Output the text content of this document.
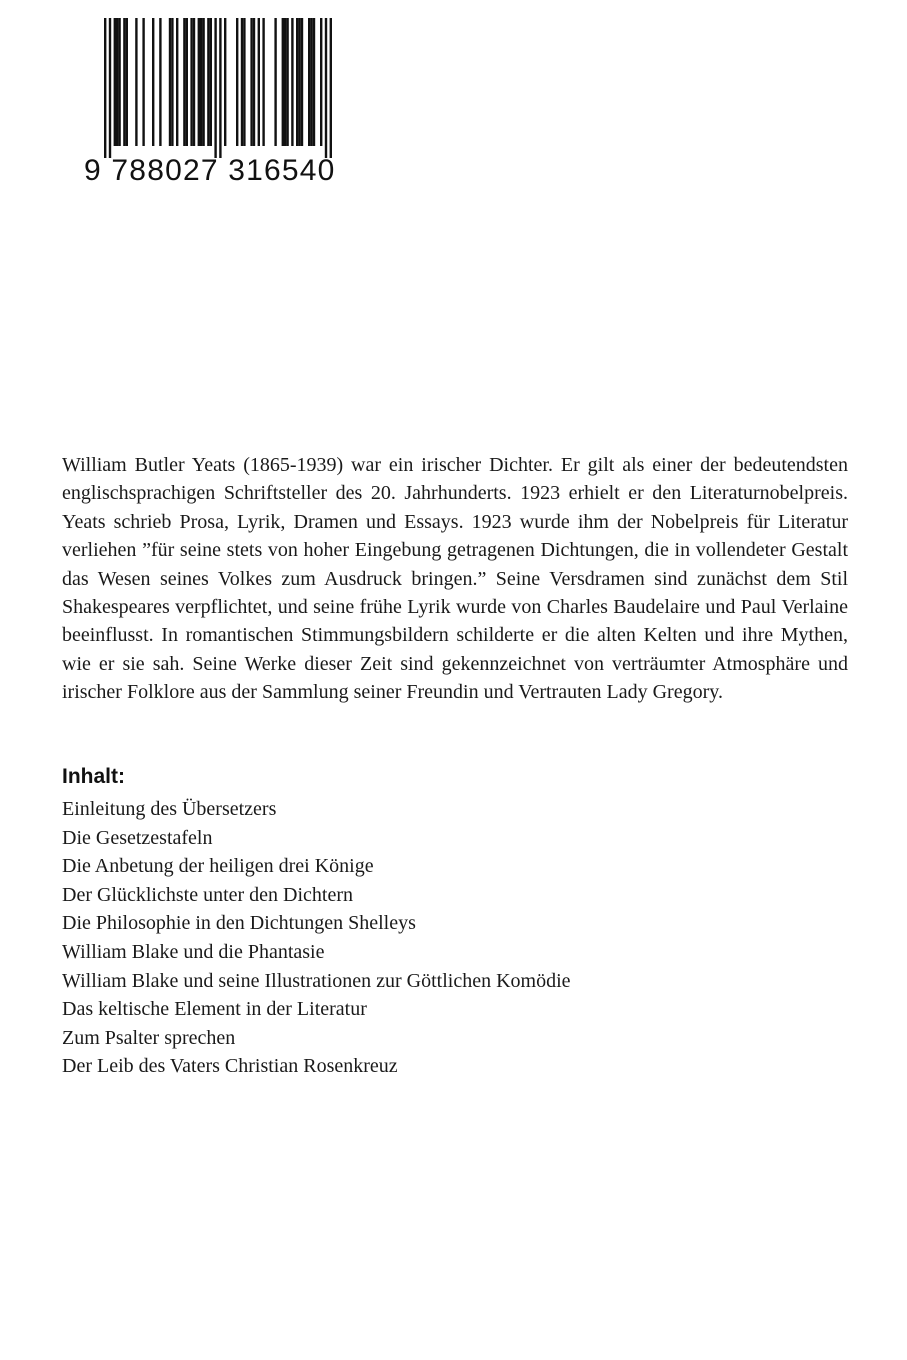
9 788027 316540

William Butler Yeats (1865-1939) war ein irischer Dichter. Er gilt als einer der bedeutendsten englischsprachigen Schriftsteller des 20. Jahrhunderts. 1923 erhielt er den Literaturnobelpreis. Yeats schrieb Prosa, Lyrik, Dramen und Essays. 1923 wurde ihm der Nobelpreis für Literatur verliehen ”für seine stets von hoher Eingebung getragenen Dichtungen, die in vollendeter Gestalt das Wesen seines Volkes zum Ausdruck bringen.” Seine Versdramen sind zunächst dem Stil Shakespeares verpflichtet, und seine frühe Lyrik wurde von Charles Baudelaire und Paul Verlaine beeinflusst. In romantischen Stimmungsbildern schilderte er die alten Kelten und ihre Mythen, wie er sie sah. Seine Werke dieser Zeit sind gekennzeichnet von verträumter Atmosphäre und irischer Folklore aus der Sammlung seiner Freundin und Vertrauten Lady Gregory.

Inhalt:
Einleitung des Übersetzers
Die Gesetzestafeln
Die Anbetung der heiligen drei Könige
Der Glücklichste unter den Dichtern
Die Philosophie in den Dichtungen Shelleys
William Blake und die Phantasie
William Blake und seine Illustrationen zur Göttlichen Komödie
Das keltische Element in der Literatur
Zum Psalter sprechen
Der Leib des Vaters Christian Rosenkreuz
